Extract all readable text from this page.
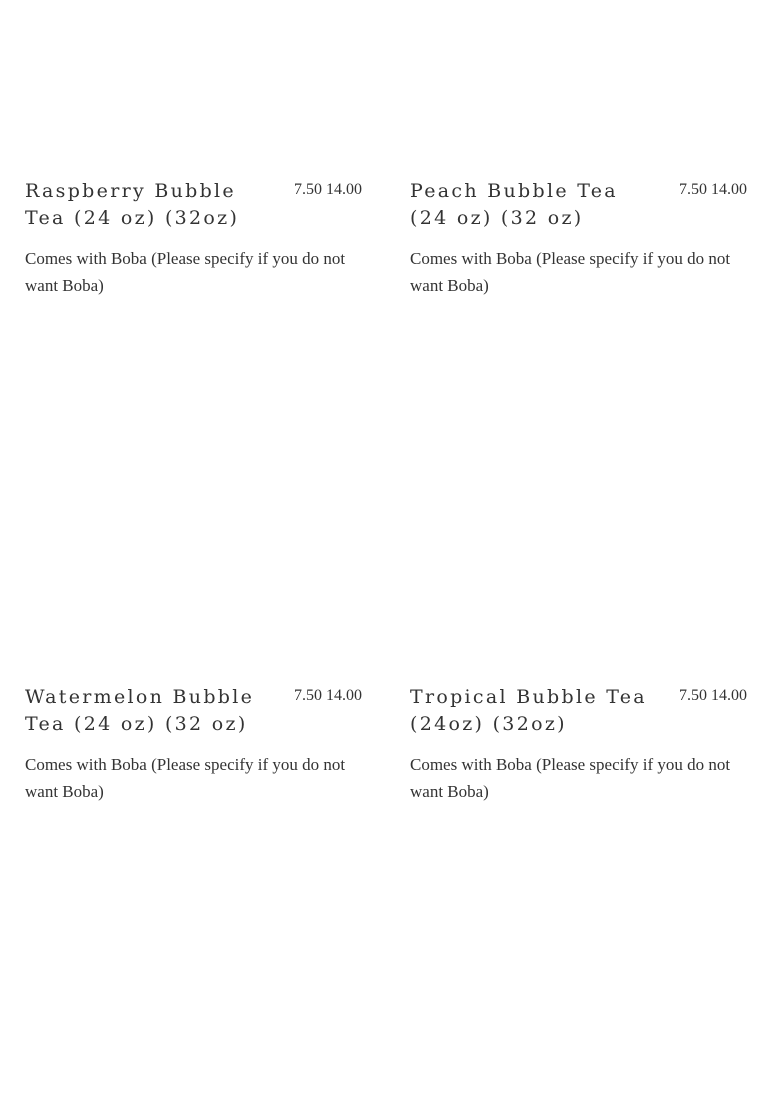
Raspberry Bubble Tea (24 oz) (32oz)
7.50 14.00

Comes with Boba (Please specify if you do not want Boba)

Peach Bubble Tea (24 oz) (32 oz)
7.50 14.00

Comes with Boba (Please specify if you do not want Boba)

Watermelon Bubble Tea (24 oz) (32 oz)
7.50 14.00

Comes with Boba (Please specify if you do not want Boba)

Tropical Bubble Tea (24oz) (32oz)
7.50 14.00

Comes with Boba (Please specify if you do not want Boba)
